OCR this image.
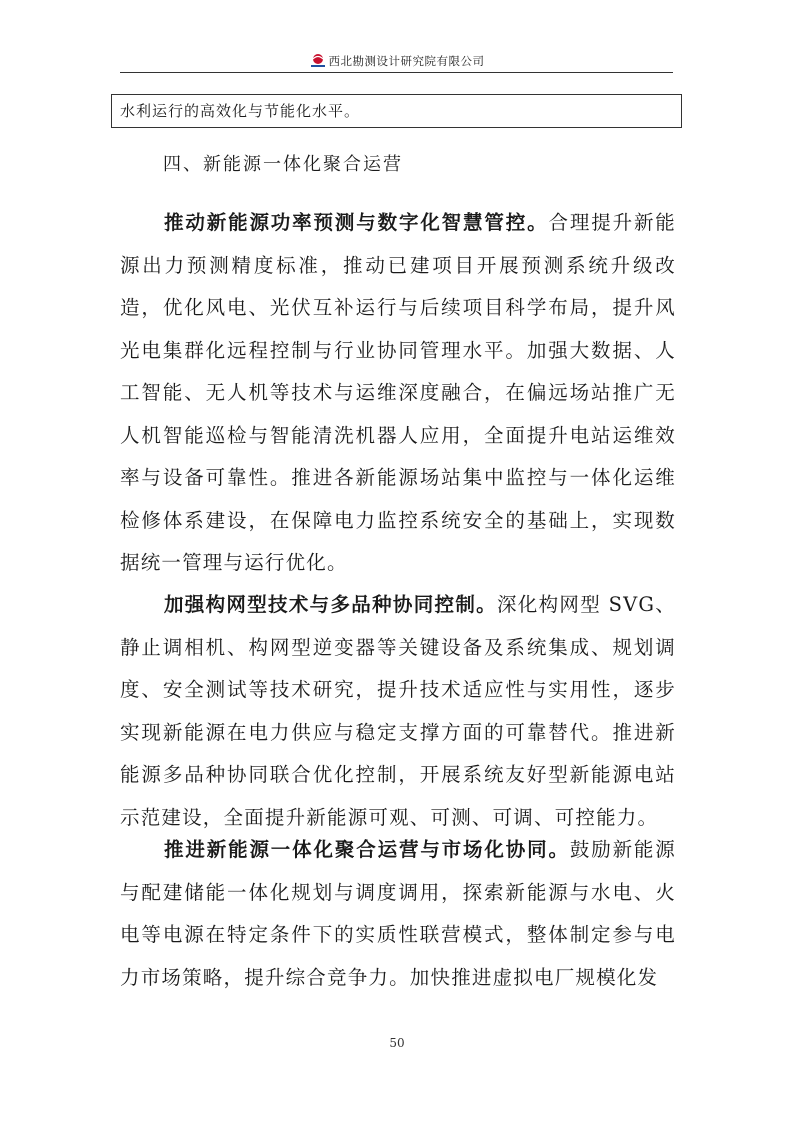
西北勘测设计研究院有限公司
水利运行的高效化与节能化水平。
四、新能源一体化聚合运营
推动新能源功率预测与数字化智慧管控。合理提升新能源出力预测精度标准，推动已建项目开展预测系统升级改造，优化风电、光伏互补运行与后续项目科学布局，提升风光电集群化远程控制与行业协同管理水平。加强大数据、人工智能、无人机等技术与运维深度融合，在偏远场站推广无人机智能巡检与智能清洗机器人应用，全面提升电站运维效率与设备可靠性。推进各新能源场站集中监控与一体化运维检修体系建设，在保障电力监控系统安全的基础上，实现数据统一管理与运行优化。
加强构网型技术与多品种协同控制。深化构网型 SVG、静止调相机、构网型逆变器等关键设备及系统集成、规划调度、安全测试等技术研究，提升技术适应性与实用性，逐步实现新能源在电力供应与稳定支撑方面的可靠替代。推进新能源多品种协同联合优化控制，开展系统友好型新能源电站示范建设，全面提升新能源可观、可测、可调、可控能力。
推进新能源一体化聚合运营与市场化协同。鼓励新能源与配建储能一体化规划与调度调用，探索新能源与水电、火电等电源在特定条件下的实质性联营模式，整体制定参与电力市场策略，提升综合竞争力。加快推进虚拟电厂规模化发
50
